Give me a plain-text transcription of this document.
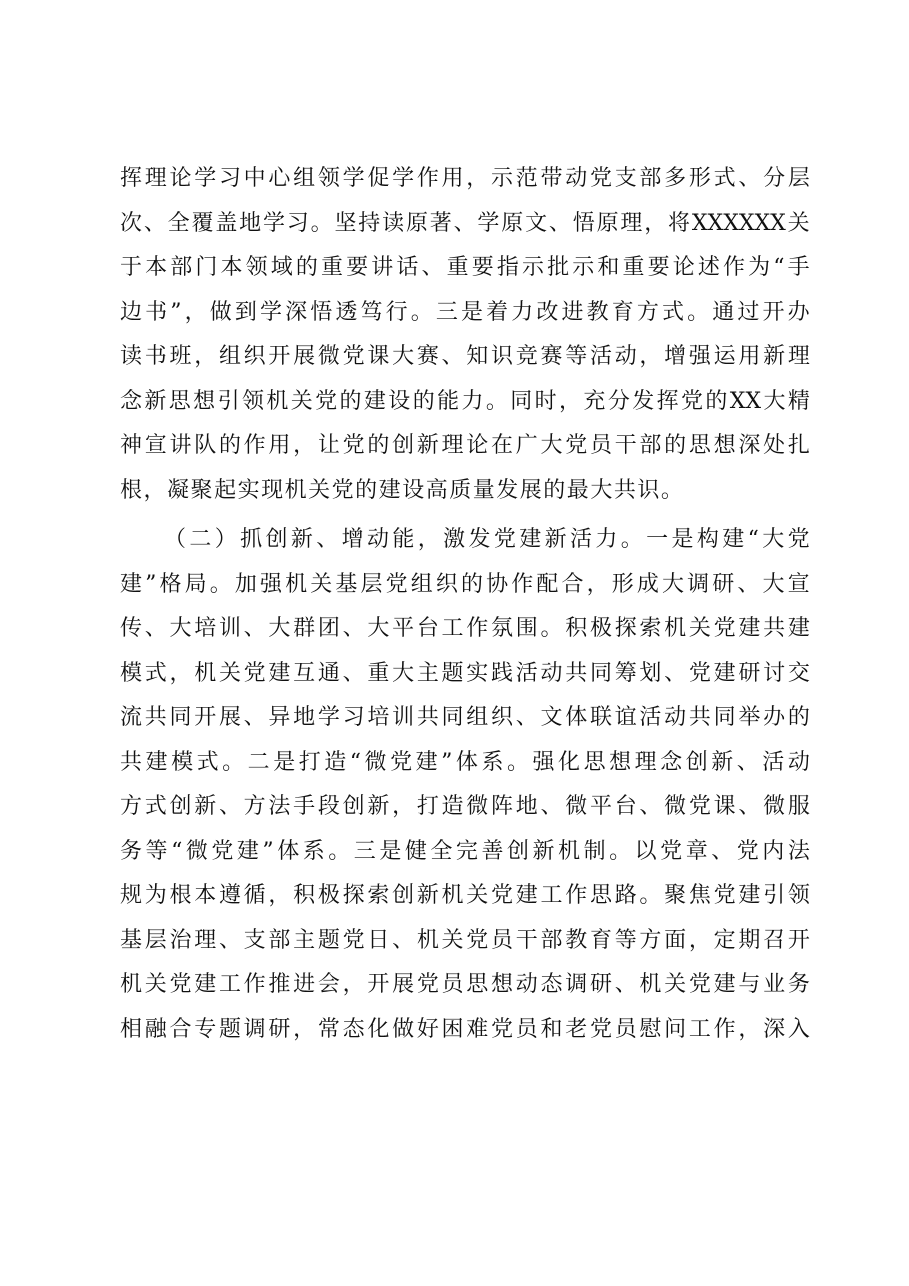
挥 理 论 学 习 中 心 组 领 学 促 学 作 用 ， 示 范 带 动 党 支 部 多 形 式 、 分 层
次 、 全 覆 盖 地 学 习 。 坚 持 读 原 著 、 学 原 文 、 悟 原 理 ， 将 XXXXXX 关
于 本 部 门 本 领 域 的 重 要 讲 话 、 重 要 指 示 批 示 和 重 要 论 述 作 为 “ 手
边 书 ” ， 做 到 学 深 悟 透 笃 行 。 三 是 着 力 改 进 教 育 方 式 。 通 过 开 办
读 书 班 ， 组 织 开 展 微 党 课 大 赛 、 知 识 竞 赛 等 活 动 ， 增 强 运 用 新 理
念 新 思 想 引 领 机 关 党 的 建 设 的 能 力 。 同 时 ， 充 分 发 挥 党 的 XX 大 精
神 宣 讲 队 的 作 用 ， 让 党 的 创 新 理 论 在 广 大 党 员 干 部 的 思 想 深 处 扎
根 ， 凝 聚 起 实 现 机 关 党 的 建 设 高 质 量 发 展 的 最 大 共 识 。
（ 二 ） 抓 创 新 、 增 动 能 ， 激 发 党 建 新 活 力 。 一 是 构 建 “ 大 党
建 ” 格 局 。 加 强 机 关 基 层 党 组 织 的 协 作 配 合 ， 形 成 大 调 研 、 大 宣
传 、 大 培 训 、 大 群 团 、 大 平 台 工 作 氛 围 。 积 极 探 索 机 关 党 建 共 建
模 式 ， 机 关 党 建 互 通 、 重 大 主 题 实 践 活 动 共 同 筹 划 、 党 建 研 讨 交
流 共 同 开 展 、 异 地 学 习 培 训 共 同 组 织 、 文 体 联 谊 活 动 共 同 举 办 的
共 建 模 式 。 二 是 打 造 “ 微 党 建 ” 体 系 。 强 化 思 想 理 念 创 新 、 活 动
方 式 创 新 、 方 法 手 段 创 新 ， 打 造 微 阵 地 、 微 平 台 、 微 党 课 、 微 服
务 等 “ 微 党 建 ” 体 系 。 三 是 健 全 完 善 创 新 机 制 。 以 党 章 、 党 内 法
规 为 根 本 遵 循 ， 积 极 探 索 创 新 机 关 党 建 工 作 思 路 。 聚 焦 党 建 引 领
基 层 治 理 、 支 部 主 题 党 日 、 机 关 党 员 干 部 教 育 等 方 面 ， 定 期 召 开
机 关 党 建 工 作 推 进 会 ， 开 展 党 员 思 想 动 态 调 研 、 机 关 党 建 与 业 务
相 融 合 专 题 调 研 ， 常 态 化 做 好 困 难 党 员 和 老 党 员 慰 问 工 作 ， 深 入
